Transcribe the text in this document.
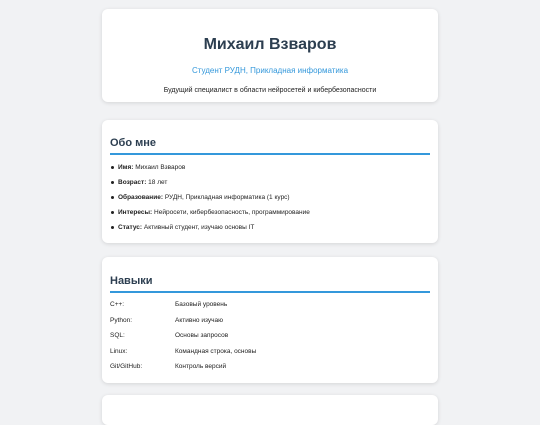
Михаил Взваров
Студент РУДН, Прикладная информатика
Будущий специалист в области нейросетей и кибербезопасности
Обо мне
Имя: Михаил Взваров
Возраст: 18 лет
Образование: РУДН, Прикладная информатика (1 курс)
Интересы: Нейросети, кибербезопасность, программирование
Статус: Активный студент, изучаю основы IT
Навыки
C++:	Базовый уровень
Python:	Активно изучаю
SQL:	Основы запросов
Linux:	Командная строка, основы
Git/GitHub:	Контроль версий
